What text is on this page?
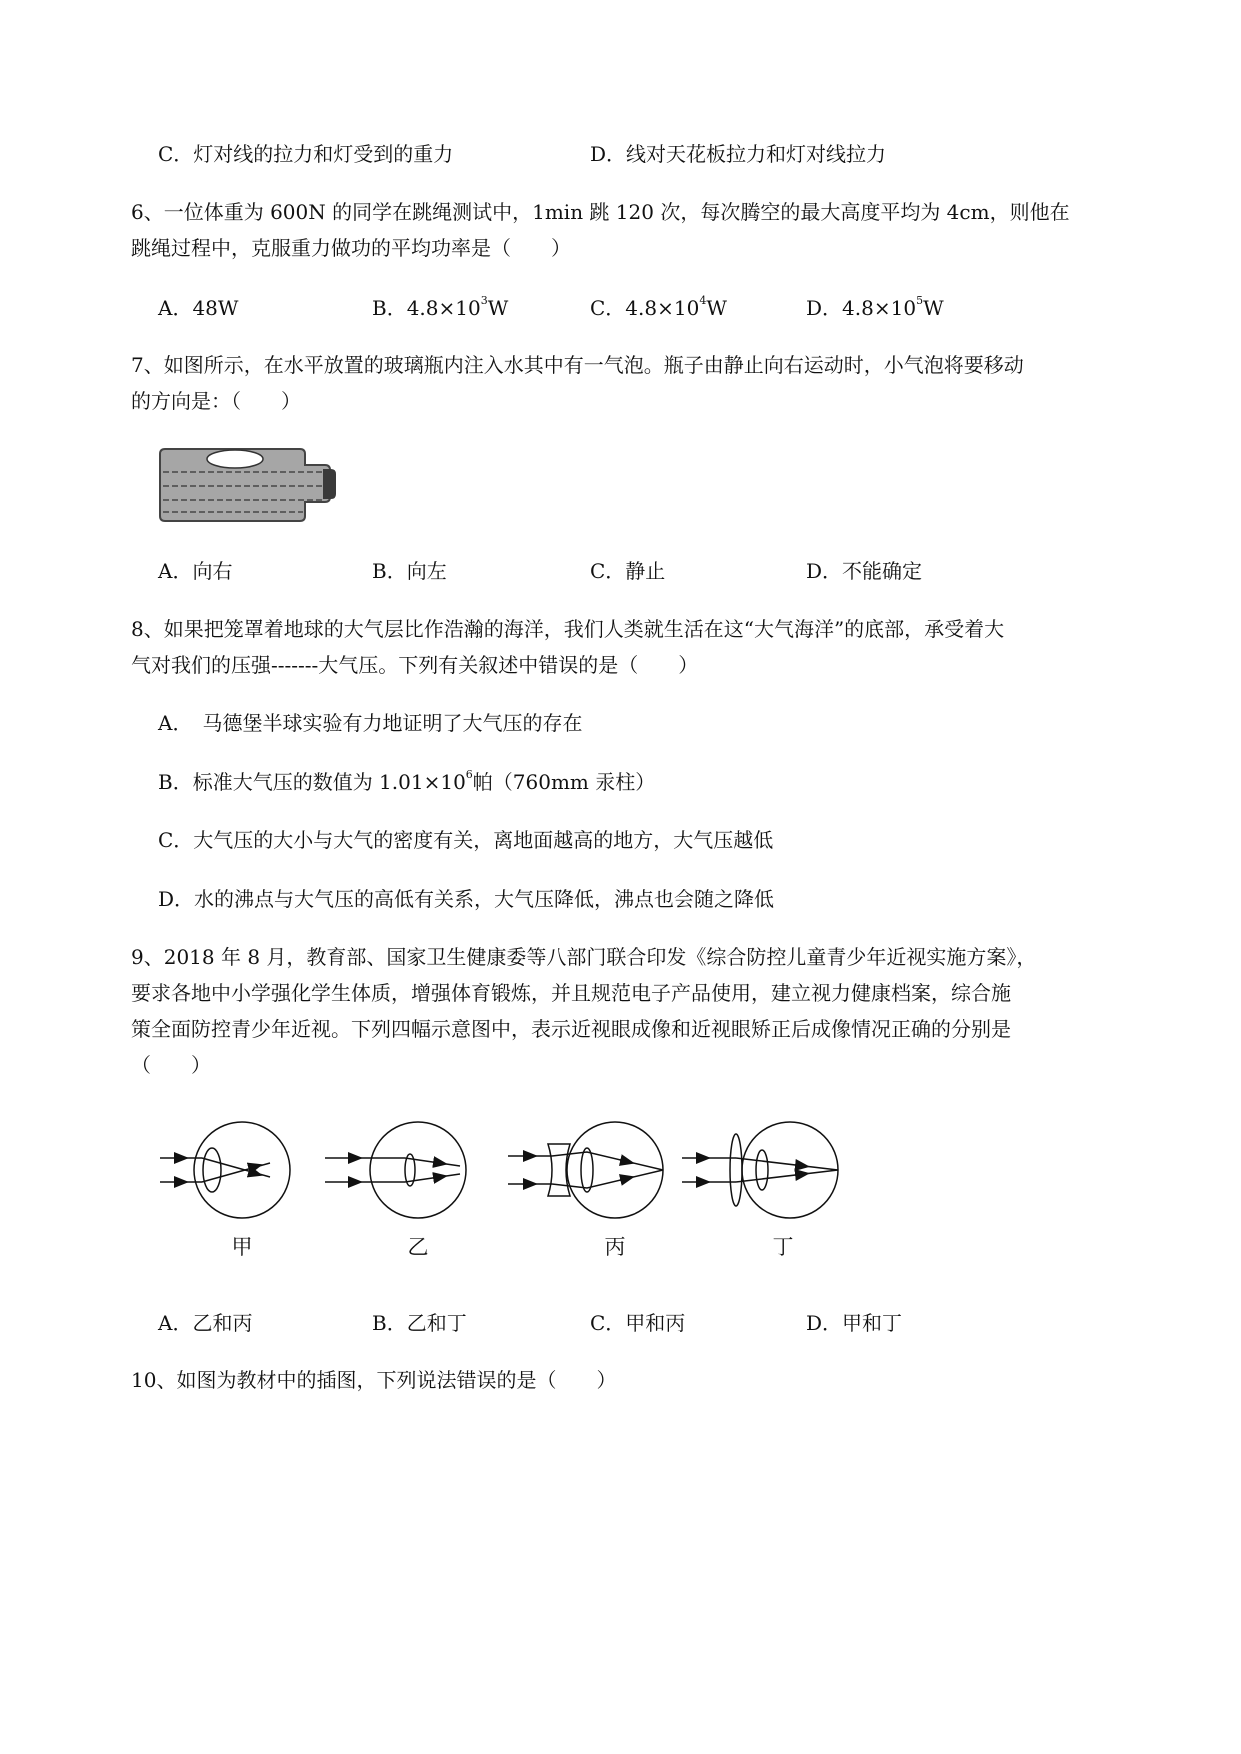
C．灯对线的拉力和灯受到的重力	D．线对天花板拉力和灯对线拉力
6、一位体重为 600N 的同学在跳绳测试中，1min 跳 120 次，每次腾空的最大高度平均为 4cm，则他在
跳绳过程中，克服重力做功的平均功率是（　　）
A．48W	B．$4.8\times 10^3W$	C．$4.8\times 10^4W$	D．$4.8\times 10^5W$
7、如图所示，在水平放置的玻璃瓶内注入水其中有一气泡。瓶子由静止向右运动时，小气泡将要移动
的方向是：（　　）
A．向右	B．向左	C．静止	D．不能确定
8、如果把笼罩着地球的大气层比作浩瀚的海洋，我们人类就生活在这“大气海洋”的底部，承受着大
气对我们的压强-------大气压。下列有关叙述中错误的是（　　）
A．　马德堡半球实验有力地证明了大气压的存在
B．标准大气压的数值为 $1.01\times 10^6$帕（760mm 汞柱）
C．大气压的大小与大气的密度有关，离地面越高的地方，大气压越低
D．水的沸点与大气压的高低有关系，大气压降低，沸点也会随之降低
9、2018 年 8 月，教育部、国家卫生健康委等八部门联合印发《综合防控儿童青少年近视实施方案》，
要求各地中小学强化学生体质，增强体育锻炼，并且规范电子产品使用，建立视力健康档案，综合施
策全面防控青少年近视。下列四幅示意图中，表示近视眼成像和近视眼矫正后成像情况正确的分别是
（　　）
甲	乙	丙	丁
A．乙和丙	B．乙和丁	C．甲和丙	D．甲和丁
10、如图为教材中的插图，下列说法错误的是（　　）
